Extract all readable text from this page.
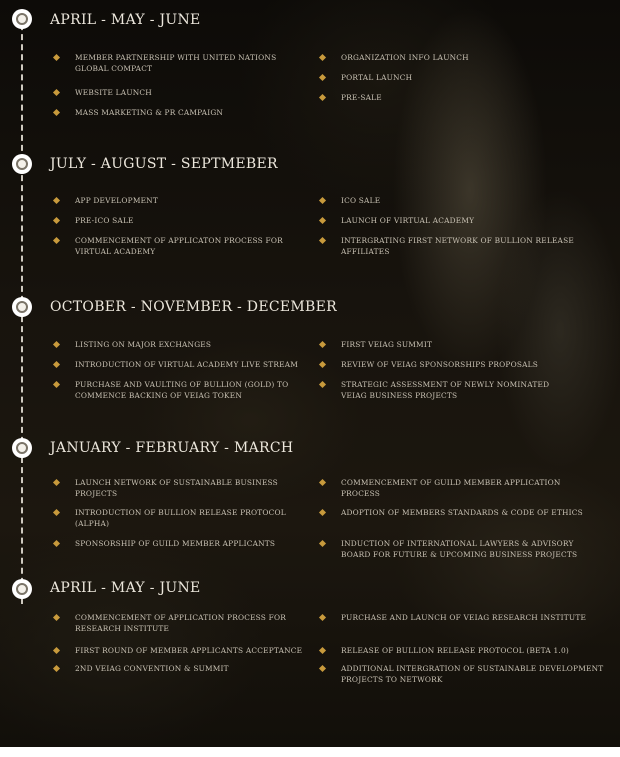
APRIL - MAY - JUNE
MEMBER PARTNERSHIP WITH UNITED NATIONS GLOBAL COMPACT
WEBSITE LAUNCH
MASS MARKETING & PR CAMPAIGN
ORGANIZATION INFO LAUNCH
PORTAL LAUNCH
PRE-SALE
JULY - AUGUST - SEPTMEBER
APP DEVELOPMENT
PRE-ICO SALE
COMMENCEMENT OF APPLICATON PROCESS FOR VIRTUAL ACADEMY
ICO SALE
LAUNCH OF VIRTUAL ACADEMY
INTERGRATING FIRST NETWORK OF BULLION RELEASE AFFILIATES
OCTOBER - NOVEMBER - DECEMBER
LISTING ON MAJOR EXCHANGES
INTRODUCTION OF VIRTUAL ACADEMY LIVE STREAM
PURCHASE AND VAULTING OF BULLION (GOLD) TO COMMENCE BACKING OF VEIAG TOKEN
FIRST VEIAG SUMMIT
REVIEW OF VEIAG SPONSORSHIPS PROPOSALS
STRATEGIC ASSESSMENT OF NEWLY NOMINATED VEIAG BUSINESS PROJECTS
JANUARY - FEBRUARY - MARCH
LAUNCH NETWORK OF SUSTAINABLE BUSINESS PROJECTS
INTRODUCTION OF BULLION RELEASE PROTOCOL (ALPHA)
SPONSORSHIP OF GUILD MEMBER APPLICANTS
COMMENCEMENT OF GUILD MEMBER APPLICATION PROCESS
ADOPTION OF MEMBERS STANDARDS & CODE OF ETHICS
INDUCTION OF INTERNATIONAL LAWYERS & ADVISORY BOARD FOR FUTURE & UPCOMING BUSINESS PROJECTS
APRIL - MAY - JUNE
COMMENCEMENT OF APPLICATION PROCESS FOR RESEARCH INSTITUTE
FIRST ROUND OF MEMBER APPLICANTS ACCEPTANCE
2ND VEIAG CONVENTION & SUMMIT
PURCHASE AND LAUNCH OF VEIAG RESEARCH INSTITUTE
RELEASE OF BULLION RELEASE PROTOCOL (BETA 1.0)
ADDITIONAL INTERGRATION OF SUSTAINABLE DEVELOPMENT PROJECTS TO NETWORK
